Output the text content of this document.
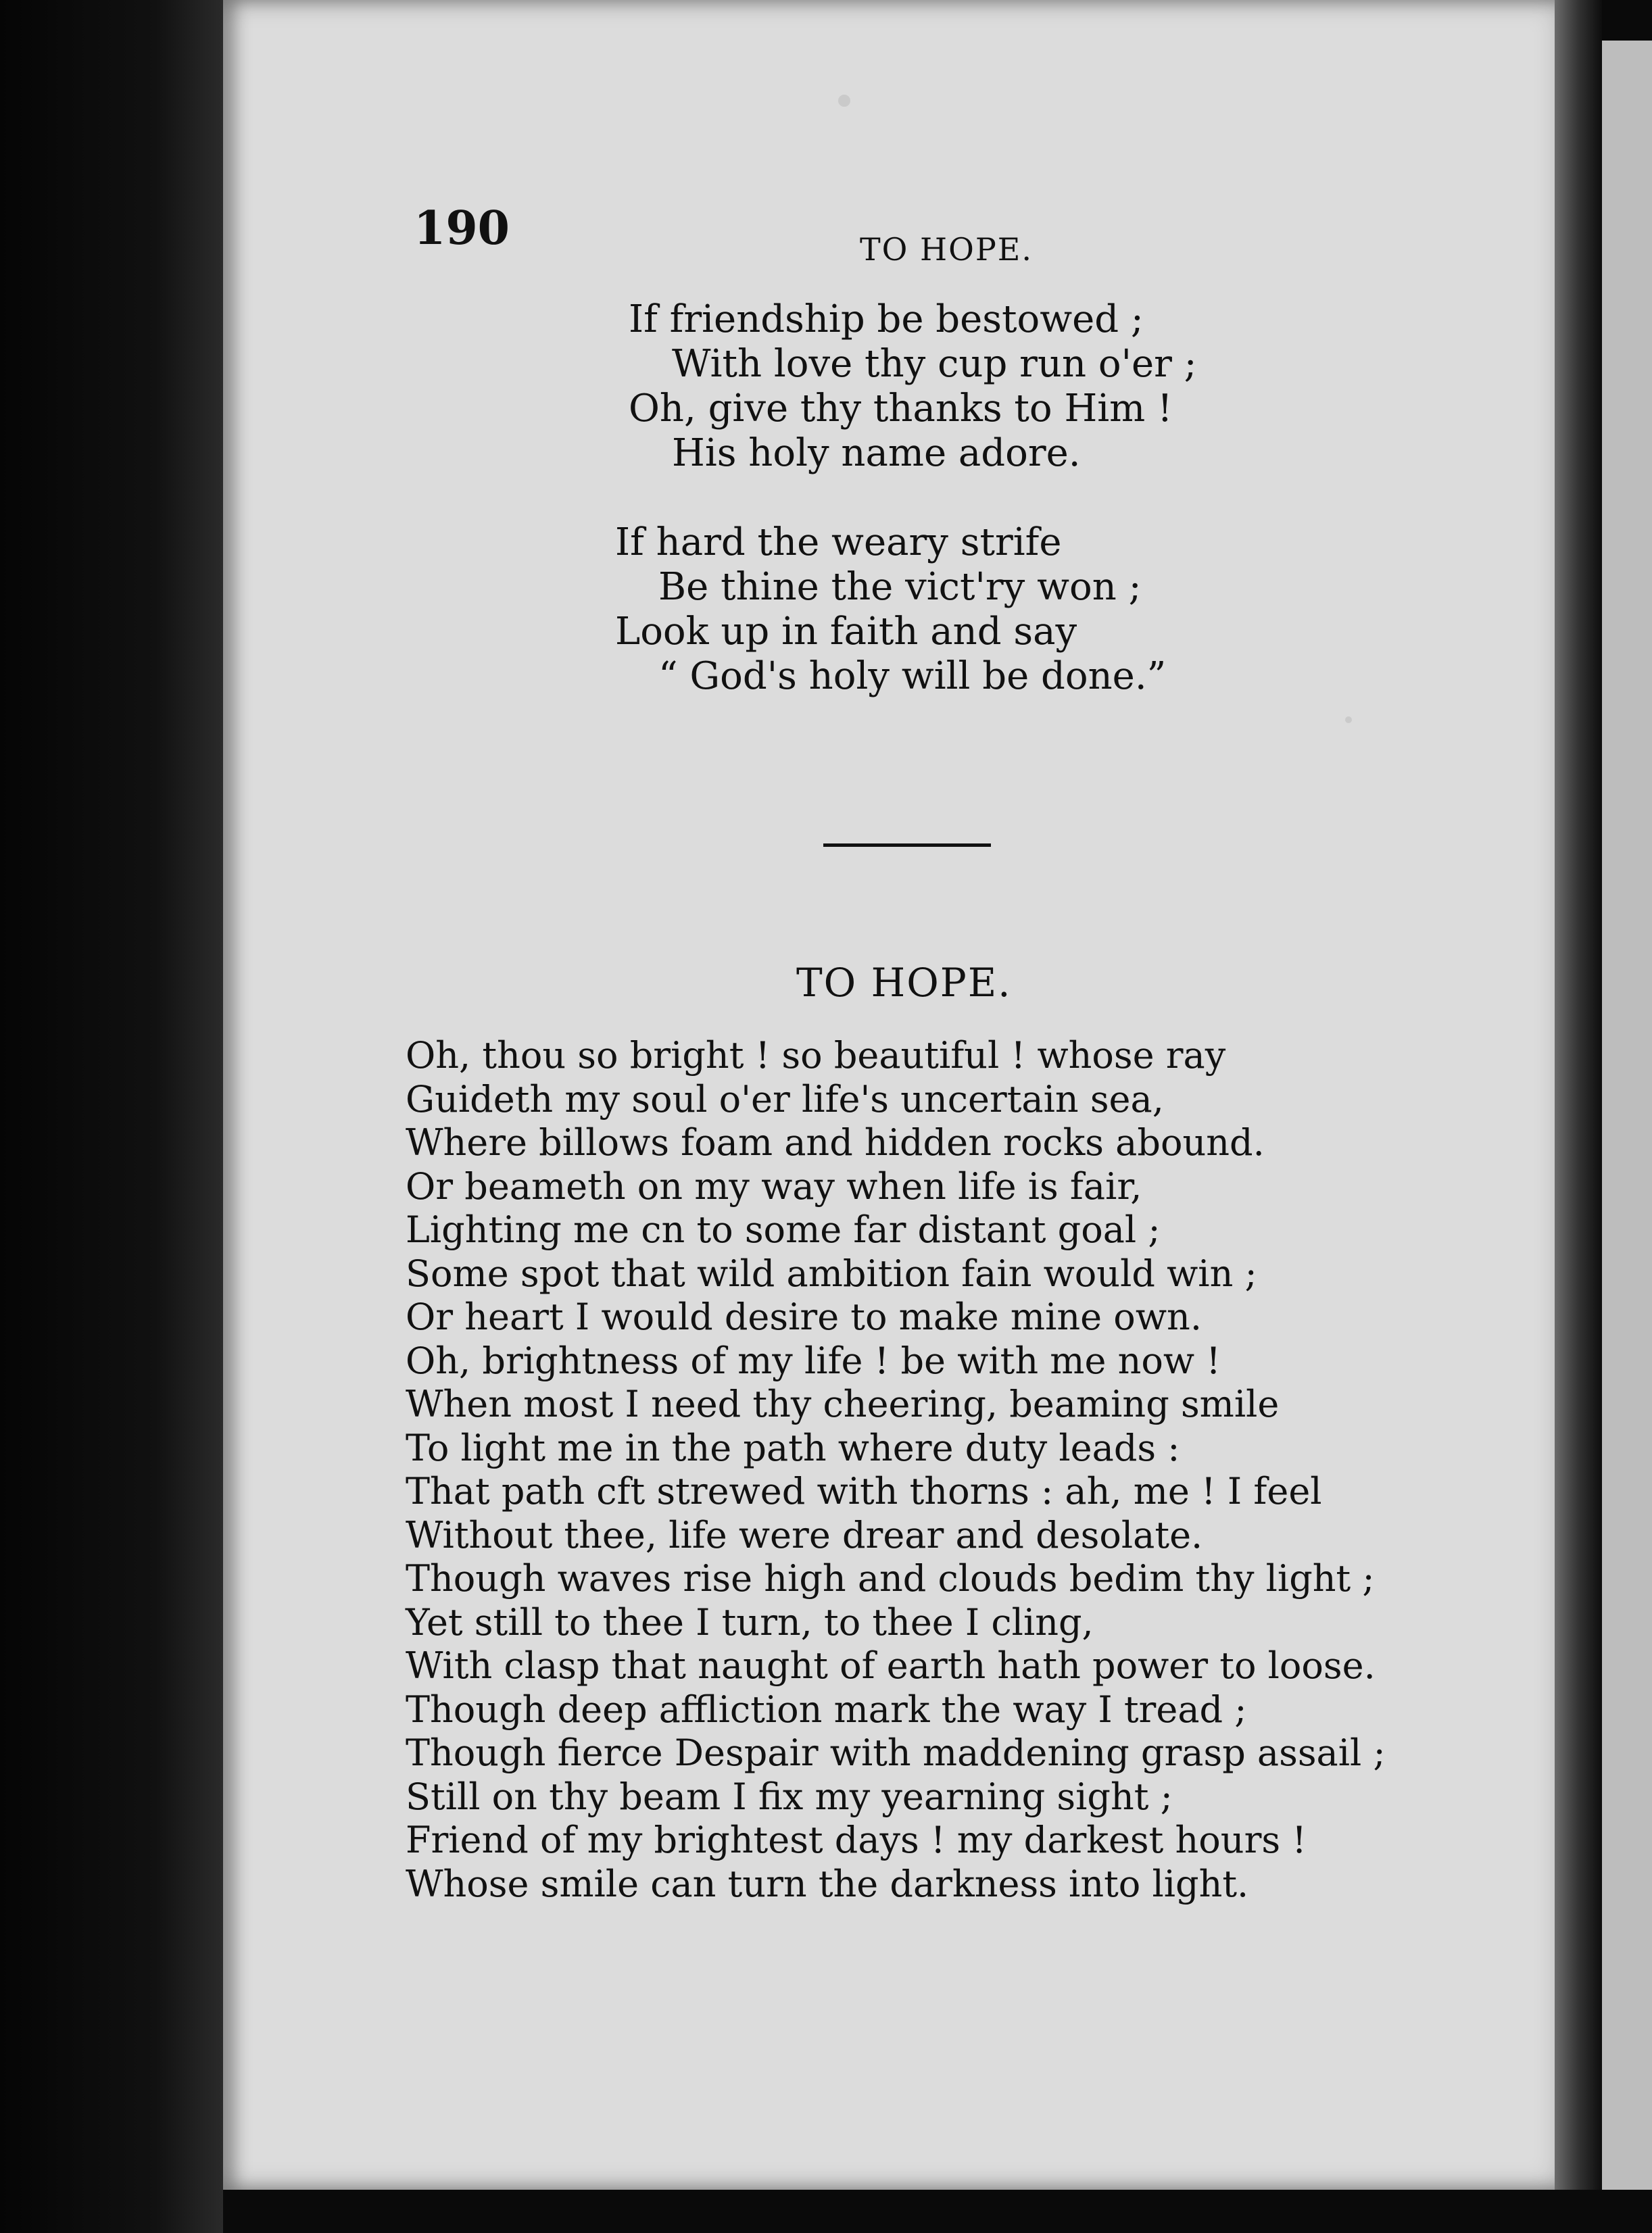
190	TO HOPE.
If friendship be bestowed ;
With love thy cup run o'er ;
Oh, give thy thanks to Him !
His holy name adore.
If hard the weary strife
Be thine the vict'ry won ;
Look up in faith and say
“ God's holy will be done.”
TO HOPE.
Oh, thou so bright ! so beautiful ! whose ray
Guideth my soul o'er life's uncertain sea,
Where billows foam and hidden rocks abound.
Or beameth on my way when life is fair,
Lighting me cn to some far distant goal ;
Some spot that wild ambition fain would win ;
Or heart I would desire to make mine own.
Oh, brightness of my life ! be with me now !
When most I need thy cheering, beaming smile
To light me in the path where duty leads :
That path cft strewed with thorns : ah, me ! I feel
Without thee, life were drear and desolate.
Though waves rise high and clouds bedim thy light ;
Yet still to thee I turn, to thee I cling,
With clasp that naught of earth hath power to loose.
Though deep affliction mark the way I tread ;
Though fierce Despair with maddening grasp assail ;
Still on thy beam I fix my yearning sight ;
Friend of my brightest days ! my darkest hours !
Whose smile can turn the darkness into light.
